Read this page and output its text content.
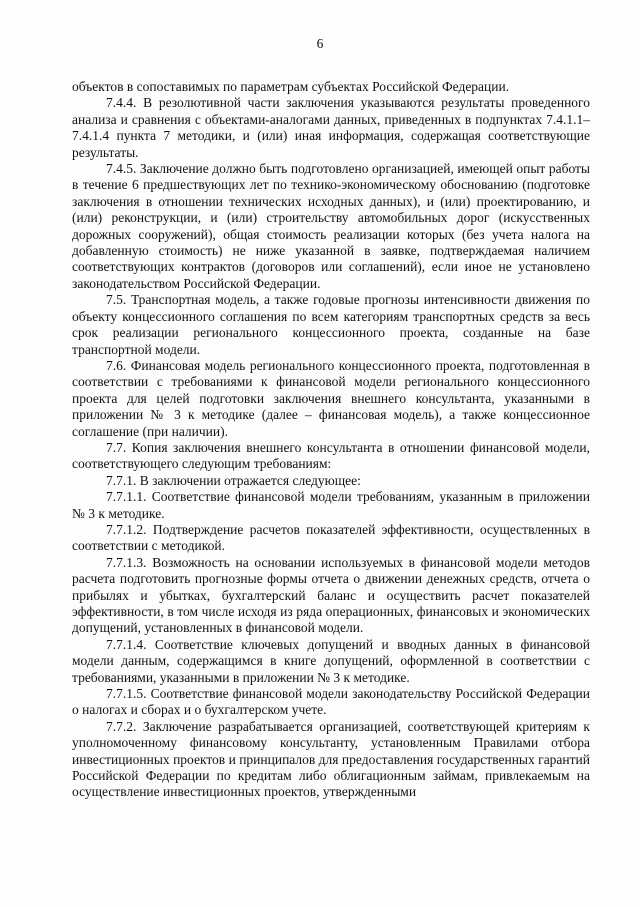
6

объектов в сопоставимых по параметрам субъектах Российской Федерации.

7.4.4. В резолютивной части заключения указываются результаты проведенного анализа и сравнения с объектами-аналогами данных, приведенных в подпунктах 7.4.1.1–7.4.1.4 пункта 7 методики, и (или) иная информация, содержащая соответствующие результаты.

7.4.5. Заключение должно быть подготовлено организацией, имеющей опыт работы в течение 6 предшествующих лет по технико-экономическому обоснованию (подготовке заключения в отношении технических исходных данных), и (или) проектированию, и (или) реконструкции, и (или) строительству автомобильных дорог (искусственных дорожных сооружений), общая стоимость реализации которых (без учета налога на добавленную стоимость) не ниже указанной в заявке, подтверждаемая наличием соответствующих контрактов (договоров или соглашений), если иное не установлено законодательством Российской Федерации.

7.5. Транспортная модель, а также годовые прогнозы интенсивности движения по объекту концессионного соглашения по всем категориям транспортных средств за весь срок реализации регионального концессионного проекта, созданные на базе транспортной модели.

7.6. Финансовая модель регионального концессионного проекта, подготовленная в соответствии с требованиями к финансовой модели регионального концессионного проекта для целей подготовки заключения внешнего консультанта, указанными в приложении № 3 к методике (далее – финансовая модель), а также концессионное соглашение (при наличии).

7.7. Копия заключения внешнего консультанта в отношении финансовой модели, соответствующего следующим требованиям:

7.7.1. В заключении отражается следующее:

7.7.1.1. Соответствие финансовой модели требованиям, указанным в приложении № 3 к методике.

7.7.1.2. Подтверждение расчетов показателей эффективности, осуществленных в соответствии с методикой.

7.7.1.3. Возможность на основании используемых в финансовой модели методов расчета подготовить прогнозные формы отчета о движении денежных средств, отчета о прибылях и убытках, бухгалтерский баланс и осуществить расчет показателей эффективности, в том числе исходя из ряда операционных, финансовых и экономических допущений, установленных в финансовой модели.

7.7.1.4. Соответствие ключевых допущений и вводных данных в финансовой модели данным, содержащимся в книге допущений, оформленной в соответствии с требованиями, указанными в приложении № 3 к методике.

7.7.1.5. Соответствие финансовой модели законодательству Российской Федерации о налогах и сборах и о бухгалтерском учете.

7.7.2. Заключение разрабатывается организацией, соответствующей критериям к уполномоченному финансовому консультанту, установленным Правилами отбора инвестиционных проектов и принципалов для предоставления государственных гарантий Российской Федерации по кредитам либо облигационным займам, привлекаемым на осуществление инвестиционных проектов, утвержденными
